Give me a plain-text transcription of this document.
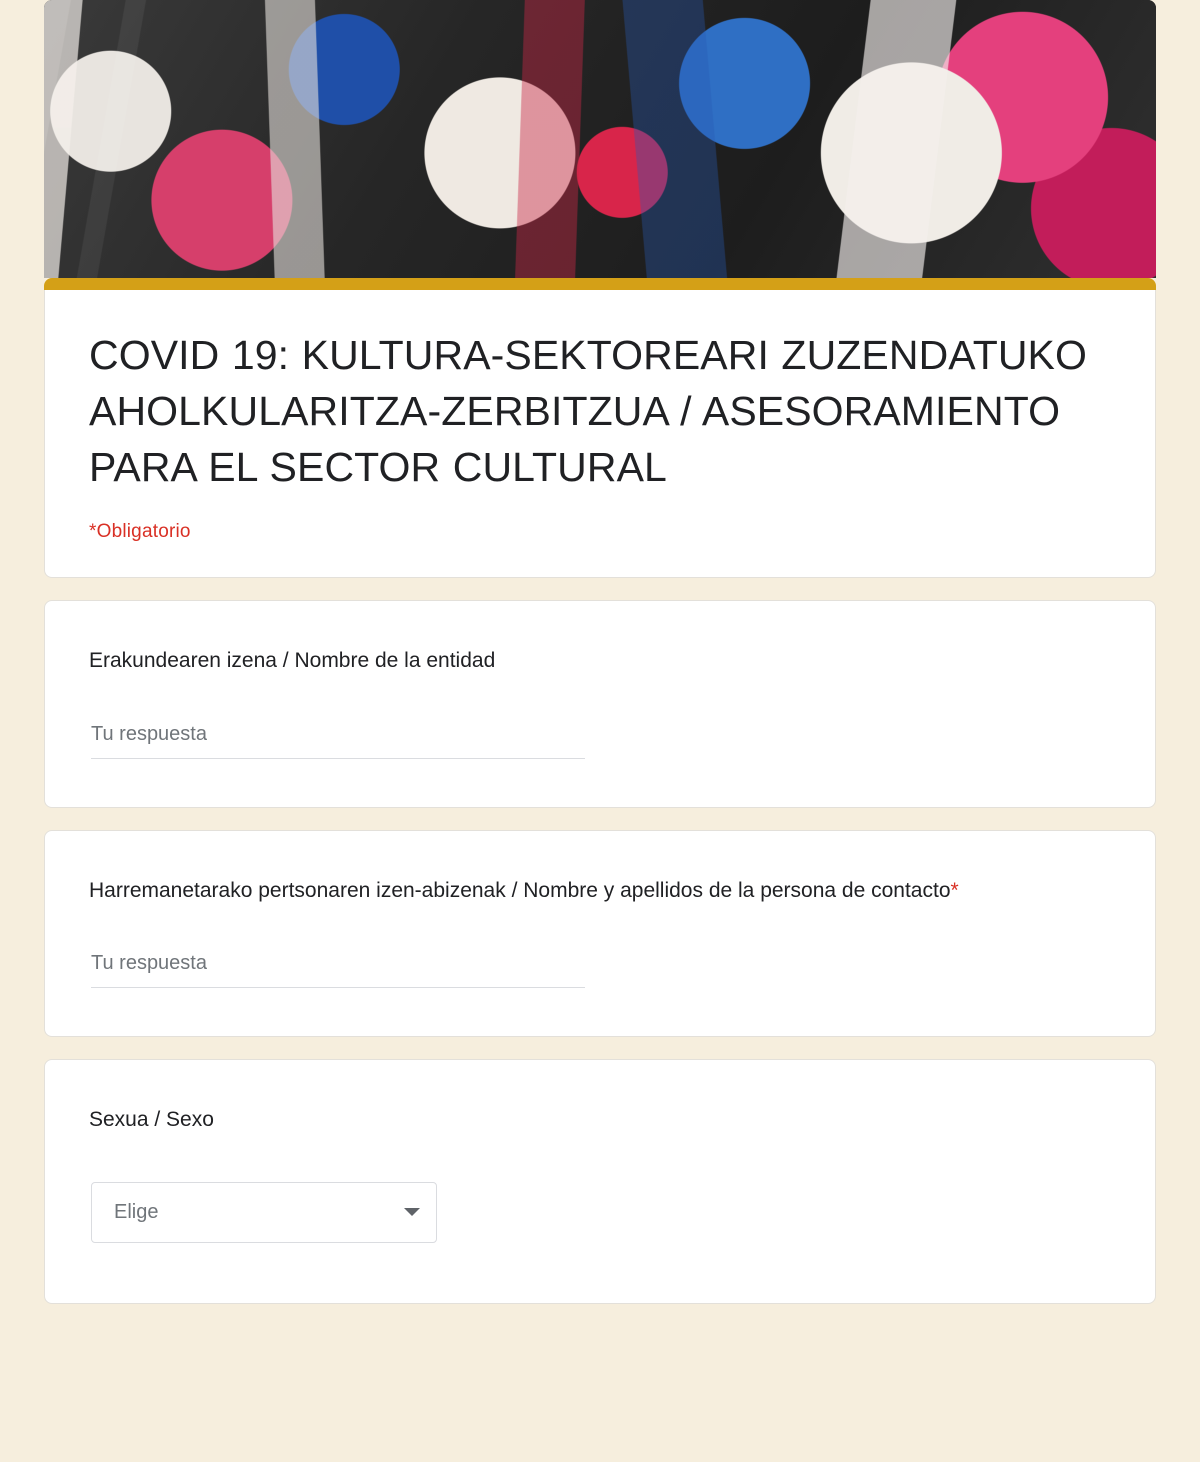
COVID 19: KULTURA-SEKTOREARI ZUZENDATUKO AHOLKULARITZA-ZERBITZUA / ASESORAMIENTO PARA EL SECTOR CULTURAL
*Obligatorio
Erakundearen izena / Nombre de la entidad
Tu respuesta
Harremanetarako pertsonaren izen-abizenak / Nombre y apellidos de la persona de contacto*
Tu respuesta
Sexua / Sexo
Elige
